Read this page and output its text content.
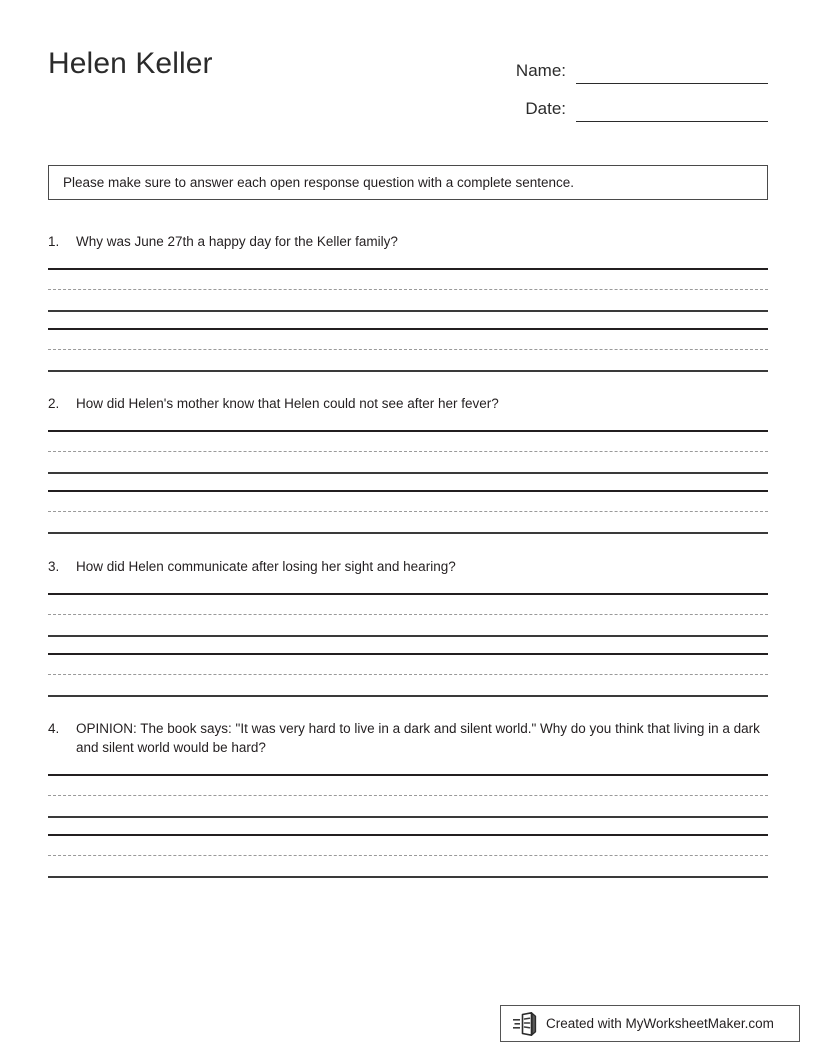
Helen Keller	Name:
Date:
Please make sure to answer each open response question with a complete sentence.
1.	Why was June 27th a happy day for the Keller family?
2.	How did Helen's mother know that Helen could not see after her fever?
3.	How did Helen communicate after losing her sight and hearing?
4.	OPINION: The book says: "It was very hard to live in a dark and silent world." Why do you think that living in a dark and silent world would be hard?
Created with MyWorksheetMaker.com
